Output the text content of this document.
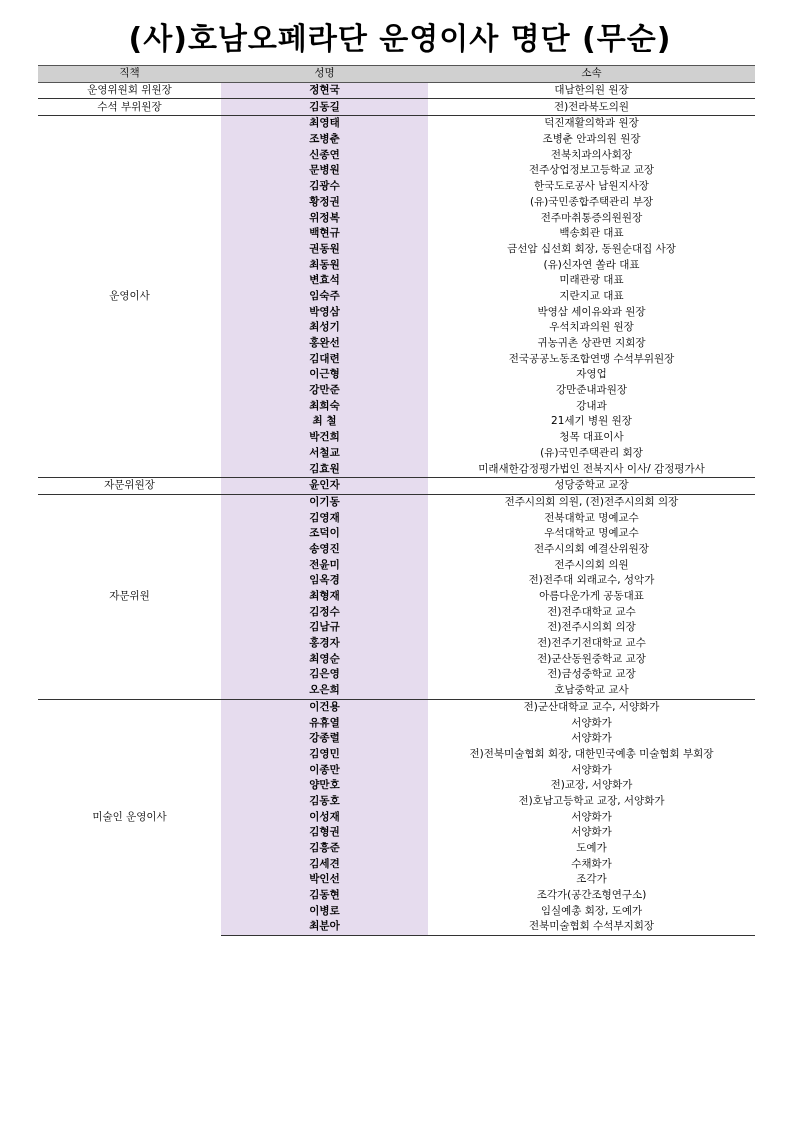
(사)호남오페라단 운영이사 명단 (무순)
직책	성명	소속
운영위원회 위원장	정현국	대남한의원 원장
수석 부위원장	김동길	전)전라북도의원
운영이사	최영태	덕진재활의학과 원장
	조병춘	조병춘 안과의원 원장
	신종연	전북치과의사회장
	문병원	전주상업정보고등학교 교장
	김광수	한국도로공사 남원지사장
	황정권	(유)국민종합주택관리 부장
	위정복	전주마취통증의원원장
	백현규	백송회관 대표
	권동원	금선암 십선회 회장, 동원순대집 사장
	최동원	(유)신자연 쏠라 대표
	변효석	미래관광 대표
	임숙주	지란지교 대표
	박영삼	박영삼 세이유와과 원장
	최성기	우석치과의원 원장
	홍완선	귀농귀촌 상관면 지회장
	김대련	전국공공노동조합연맹 수석부위원장
	이근형	자영업
	강만준	강만준내과원장
	최희숙	강내과
	최 철	21세기 병원 원장
	박건희	청목 대표이사
	서철교	(유)국민주택관리 회장
	김효원	미래새한감정평가법인 전북지사 이사/ 감정평가사
자문위원장	윤인자	성당중학교 교장
자문위원	이기동	전주시의회 의원, (전)전주시의회 의장
	김영재	전북대학교 명예교수
	조덕이	우석대학교 명예교수
	송영진	전주시의회 예결산위원장
	전윤미	전주시의회 의원
	임옥경	전)전주대 외래교수, 성악가
	최형재	아름다운가게 공동대표
	김정수	전)전주대학교 교수
	김남규	전)전주시의회 의장
	홍경자	전)전주기전대학교 교수
	최영순	전)군산동원중학교 교장
	김은영	전)금성중학교 교장
	오은희	호남중학교 교사
미술인 운영이사	이건용	전)군산대학교 교수, 서양화가
	유휴열	서양화가
	강종렬	서양화가
	김영민	전)전북미술협회 회장, 대한민국예총 미술협회 부회장
	이종만	서양화가
	양만호	전)교장, 서양화가
	김동호	전)호남고등학교 교장, 서양화가
	이성재	서양화가
	김형권	서양화가
	김흥준	도예가
	김세견	수채화가
	박인선	조각가
	김동현	조각가(공간조형연구소)
	이병로	임실예총 회장, 도예가
	최분아	전북미술협회 수석부지회장
